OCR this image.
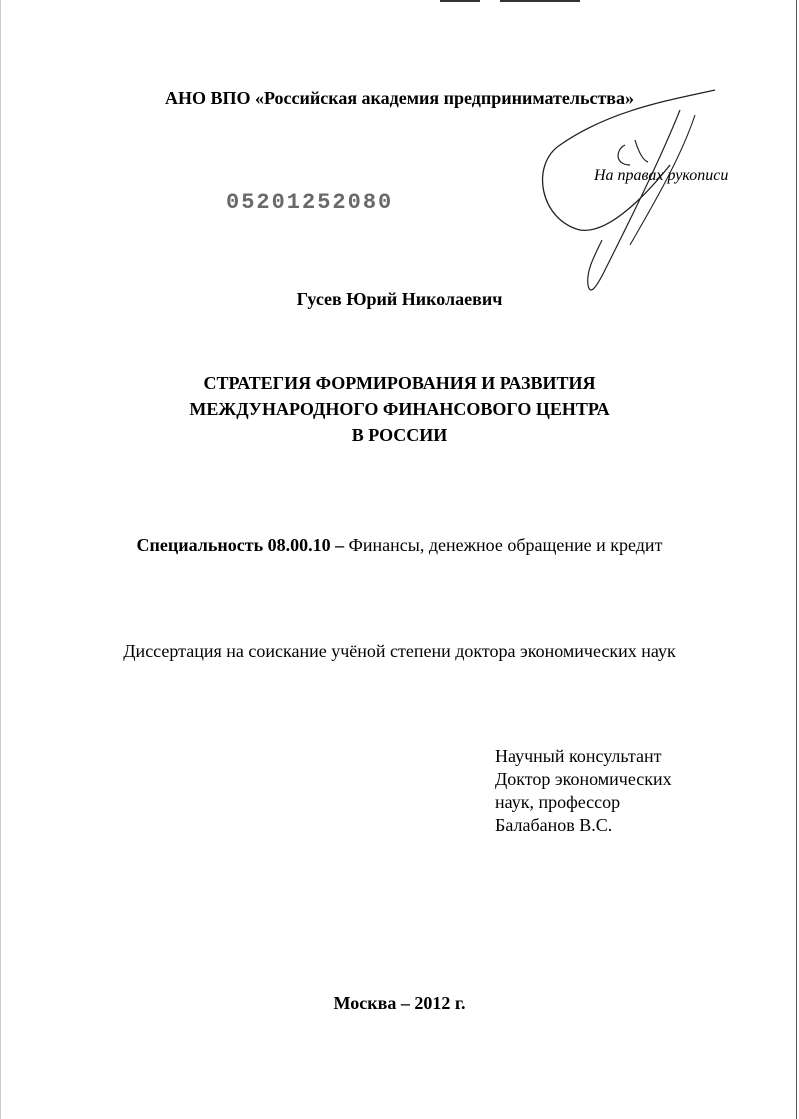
АНО ВПО «Российская академия предпринимательства»
На правах рукописи
05201252080
Гусев Юрий Николаевич
СТРАТЕГИЯ ФОРМИРОВАНИЯ И РАЗВИТИЯ
МЕЖДУНАРОДНОГО ФИНАНСОВОГО ЦЕНТРА
В РОССИИ
Специальность 08.00.10 – Финансы, денежное обращение и кредит
Диссертация на соискание учёной степени доктора экономических наук
Научный консультант
Доктор экономических
наук, профессор
Балабанов В.С.
Москва – 2012 г.
